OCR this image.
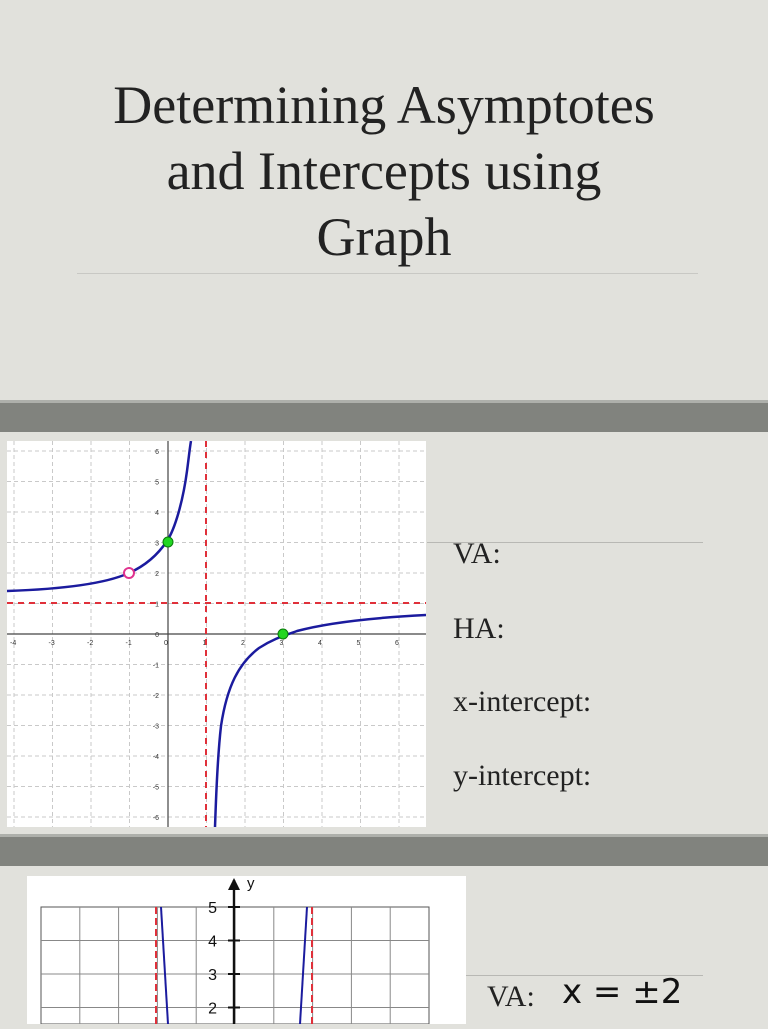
Determining Asymptotes
and Intercepts using
Graph
-4	-3	-2	-1	0	1	2	3	4	5	6
6
5
4
3
2
1
0
-1
-2
-3
-4
-5
-6
VA:
HA:
x-intercept:
y-intercept:
y
5
4
3
2	VA: x = ±2
